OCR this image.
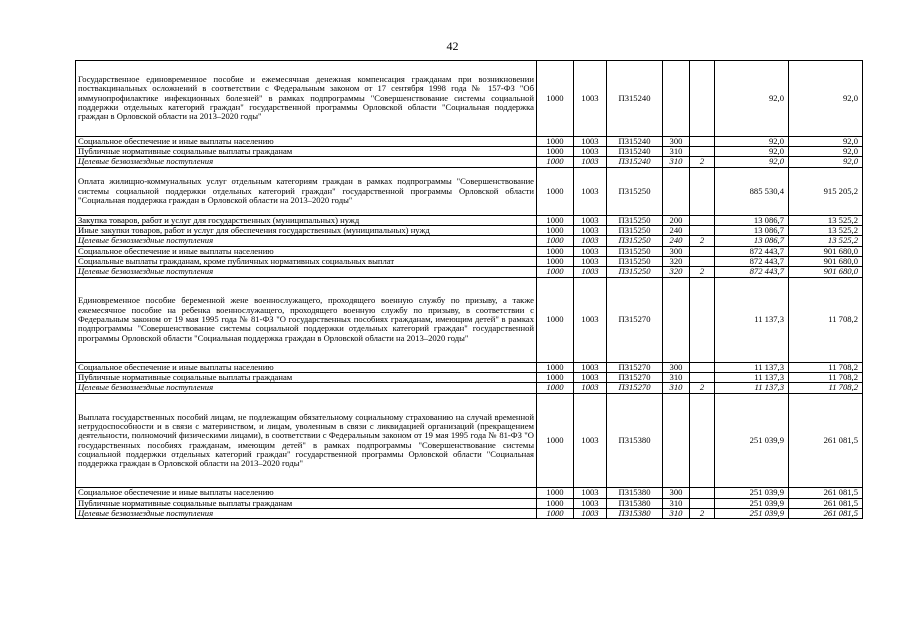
42
Государственное единовременное пособие и ежемесячная денежная компенсация гражданам при возникновении поствакцинальных осложнений в соответствии с Федеральным законом от 17 сентября 1998 года № 157-ФЗ "Об иммунопрофилактике инфекционных болезней" в рамках подпрограммы "Совершенствование системы социальной поддержки отдельных категорий граждан" государственной программы Орловской области "Социальная поддержка граждан в Орловской области на 2013–2020 годы"	1000	1003	П315240			92,0	92,0
Социальное обеспечение и иные выплаты населению	1000	1003	П315240	300		92,0	92,0
Публичные нормативные социальные выплаты гражданам	1000	1003	П315240	310		92,0	92,0
Целевые безвозмездные поступления	1000	1003	П315240	310	2	92,0	92,0
Оплата жилищно-коммунальных услуг отдельным категориям граждан в рамках подпрограммы "Совершенствование системы социальной поддержки отдельных категорий граждан" государственной программы Орловской области "Социальная поддержка граждан в Орловской области на 2013–2020 годы"	1000	1003	П315250			885 530,4	915 205,2
Закупка товаров, работ и услуг для государственных (муниципальных) нужд	1000	1003	П315250	200		13 086,7	13 525,2
Иные закупки товаров, работ и услуг для обеспечения государственных (муниципальных) нужд	1000	1003	П315250	240		13 086,7	13 525,2
Целевые безвозмездные поступления	1000	1003	П315250	240	2	13 086,7	13 525,2
Социальное обеспечение и иные выплаты населению	1000	1003	П315250	300		872 443,7	901 680,0
Социальные выплаты гражданам, кроме публичных нормативных социальных выплат	1000	1003	П315250	320		872 443,7	901 680,0
Целевые безвозмездные поступления	1000	1003	П315250	320	2	872 443,7	901 680,0
Единовременное пособие беременной жене военнослужащего, проходящего военную службу по призыву, а также ежемесячное пособие на ребенка военнослужащего, проходящего военную службу по призыву, в соответствии с Федеральным законом от 19 мая 1995 года № 81-ФЗ "О государственных пособиях гражданам, имеющим детей" в рамках подпрограммы "Совершенствование системы социальной поддержки отдельных категорий граждан" государственной программы Орловской области "Социальная поддержка граждан в Орловской области на 2013–2020 годы"	1000	1003	П315270			11 137,3	11 708,2
Социальное обеспечение и иные выплаты населению	1000	1003	П315270	300		11 137,3	11 708,2
Публичные нормативные социальные выплаты гражданам	1000	1003	П315270	310		11 137,3	11 708,2
Целевые безвозмездные поступления	1000	1003	П315270	310	2	11 137,3	11 708,2
Выплата государственных пособий лицам, не подлежащим обязательному социальному страхованию на случай временной нетрудоспособности и в связи с материнством, и лицам, уволенным в связи с ликвидацией организаций (прекращением деятельности, полномочий физическими лицами), в соответствии с Федеральным законом от 19 мая 1995 года № 81-ФЗ "О государственных пособиях гражданам, имеющим детей" в рамках подпрограммы "Совершенствование системы социальной поддержки отдельных категорий граждан" государственной программы Орловской области "Социальная поддержка граждан в Орловской области на 2013–2020 годы"	1000	1003	П315380			251 039,9	261 081,5
Социальное обеспечение и иные выплаты населению	1000	1003	П315380	300		251 039,9	261 081,5
Публичные нормативные социальные выплаты гражданам	1000	1003	П315380	310		251 039,9	261 081,5
Целевые безвозмездные поступления	1000	1003	П315380	310	2	251 039,9	261 081,5
